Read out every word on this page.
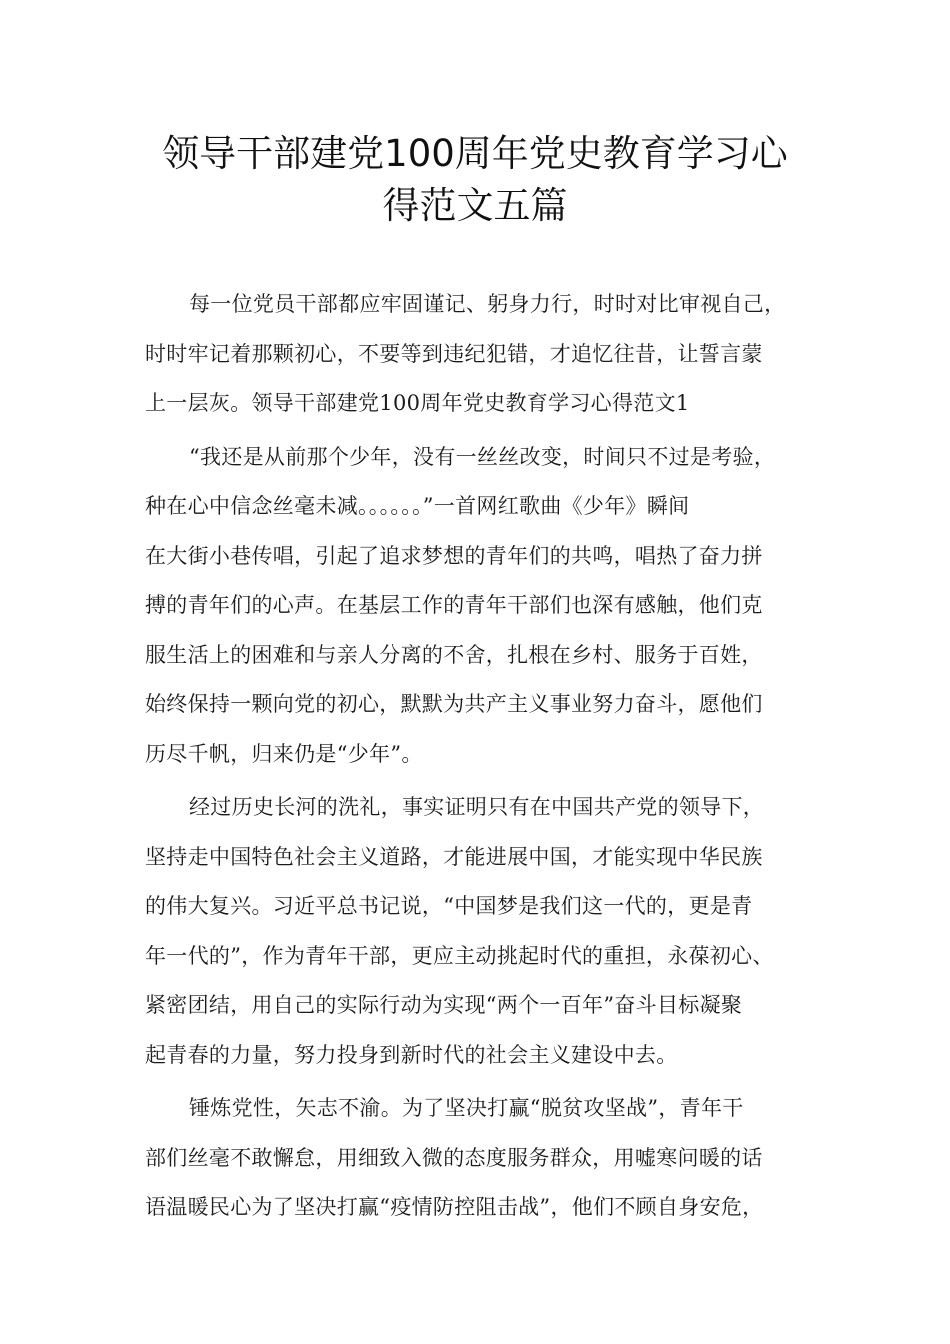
领导干部建党100周年党史教育学习心
得范文五篇

每一位党员干部都应牢固谨记、躬身力行，时时对比审视自己，
时时牢记着那颗初心，不要等到违纪犯错，才追忆往昔，让誓言蒙
上一层灰。领导干部建党100周年党史教育学习心得范文1

“我还是从前那个少年，没有一丝丝改变，时间只不过是考验，
种在心中信念丝毫未减。。。。。。”一首网红歌曲《少年》瞬间
在大街小巷传唱，引起了追求梦想的青年们的共鸣，唱热了奋力拼
搏的青年们的心声。在基层工作的青年干部们也深有感触，他们克
服生活上的困难和与亲人分离的不舍，扎根在乡村、服务于百姓，
始终保持一颗向党的初心，默默为共产主义事业努力奋斗，愿他们
历尽千帆，归来仍是“少年”。

经过历史长河的洗礼，事实证明只有在中国共产党的领导下，
坚持走中国特色社会主义道路，才能进展中国，才能实现中华民族
的伟大复兴。习近平总书记说，“中国梦是我们这一代的，更是青
年一代的”，作为青年干部，更应主动挑起时代的重担，永葆初心、
紧密团结，用自己的实际行动为实现“两个一百年”奋斗目标凝聚
起青春的力量，努力投身到新时代的社会主义建设中去。

锤炼党性，矢志不渝。为了坚决打赢“脱贫攻坚战”，青年干
部们丝毫不敢懈怠，用细致入微的态度服务群众，用嘘寒问暖的话
语温暖民心为了坚决打赢“疫情防控阻击战”，他们不顾自身安危，
